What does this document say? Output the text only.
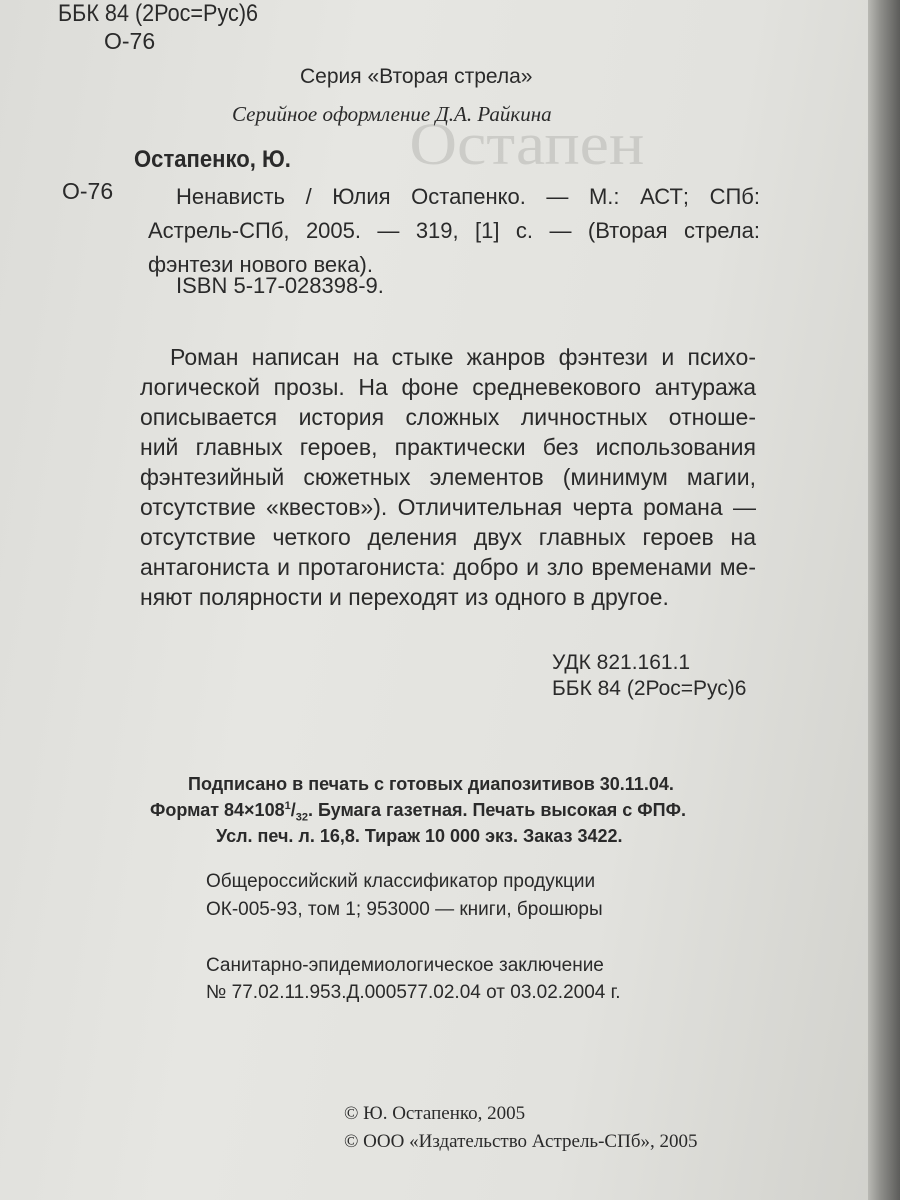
Остапен
ББК 84 (2Рос=Рус)6
О-76
Серия «Вторая стрела»
Серийное оформление Д.А. Райкина
Остапенко, Ю.
О-76	Ненависть / Юлия Остапенко. — М.: АСТ; СПб:
Астрель-СПб, 2005. — 319, [1] с. — (Вторая стрела:
фэнтези нового века).
ISBN 5-17-028398-9.
Роман написан на стыке жанров фэнтези и психо-
логической прозы. На фоне средневекового антуража
описывается история сложных личностных отноше-
ний главных героев, практически без использования
фэнтезийный сюжетных элементов (минимум магии,
отсутствие «квестов»). Отличительная черта романа —
отсутствие четкого деления двух главных героев на
антагониста и протагониста: добро и зло временами ме-
няют полярности и переходят из одного в другое.
УДК 821.161.1
ББК 84 (2Рос=Рус)6
Подписано в печать с готовых диапозитивов 30.11.04.
Формат $84\times 108^1/_{32}$. Бумага газетная. Печать высокая с ФПФ.
Усл. печ. л. 16,8. Тираж 10 000 экз. Заказ 3422.
Общероссийский классификатор продукции
ОК-005-93, том 1; 953000 — книги, брошюры
Санитарно-эпидемиологическое заключение
№ 77.02.11.953.Д.000577.02.04 от 03.02.2004 г.
© Ю. Остапенко, 2005
© ООО «Издательство Астрель-СПб», 2005
